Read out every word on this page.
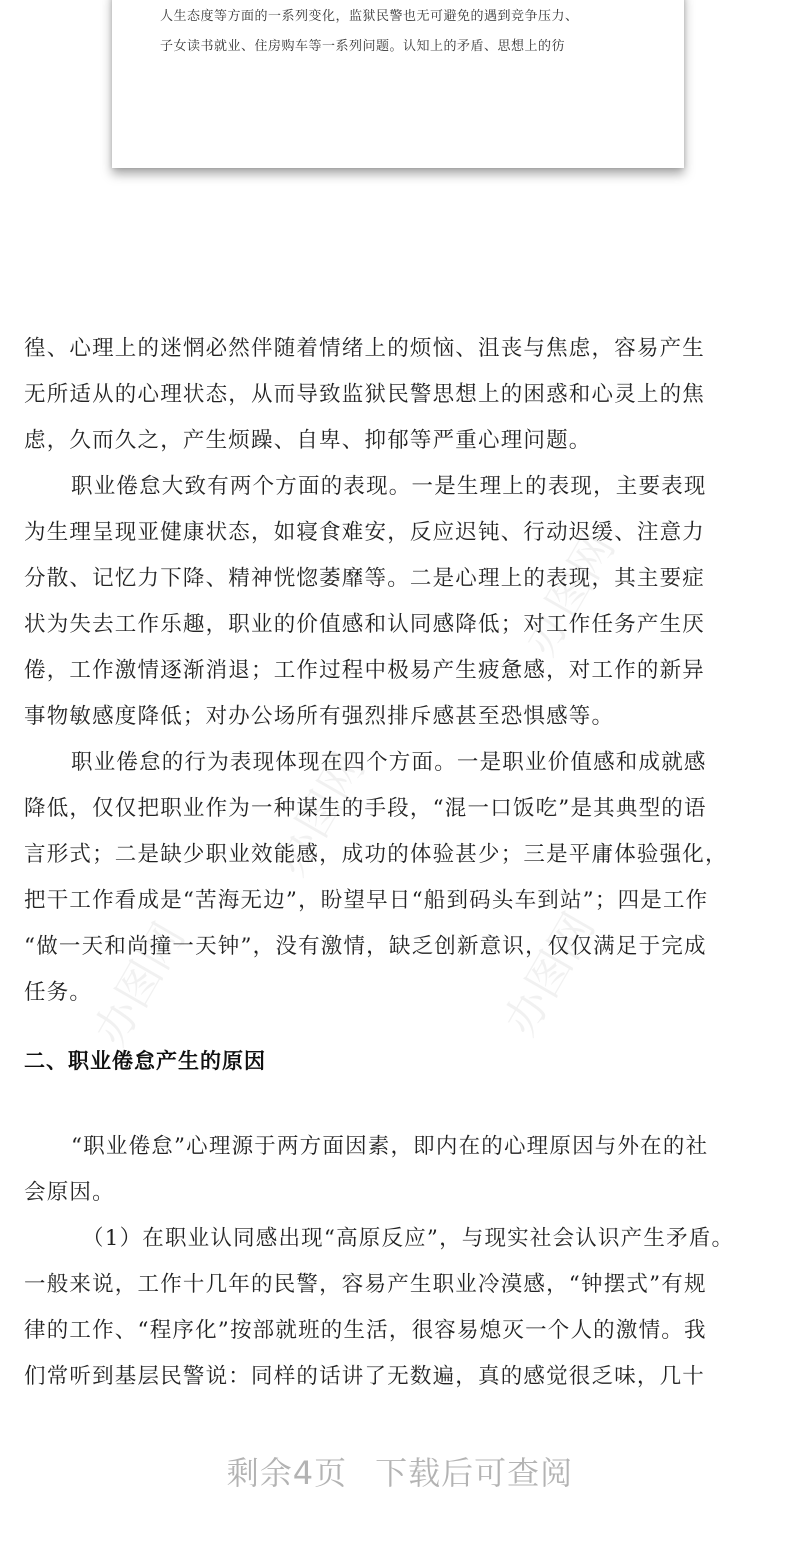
人生态度等方面的一系列变化，监狱民警也无可避免的遇到竞争压力、
子女读书就业、住房购车等一系列问题。认知上的矛盾、思想上的彷
办图网
办图网
办图网	办图网
徨、心理上的迷惘必然伴随着情绪上的烦恼、沮丧与焦虑，容易产生
无所适从的心理状态，从而导致监狱民警思想上的困惑和心灵上的焦
虑，久而久之，产生烦躁、自卑、抑郁等严重心理问题。
职业倦怠大致有两个方面的表现。一是生理上的表现，主要表现
为生理呈现亚健康状态，如寝食难安，反应迟钝、行动迟缓、注意力
分散、记忆力下降、精神恍惚萎靡等。二是心理上的表现，其主要症
状为失去工作乐趣，职业的价值感和认同感降低；对工作任务产生厌
倦，工作激情逐渐消退；工作过程中极易产生疲惫感，对工作的新异
事物敏感度降低；对办公场所有强烈排斥感甚至恐惧感等。
职业倦怠的行为表现体现在四个方面。一是职业价值感和成就感
降低，仅仅把职业作为一种谋生的手段，“混一口饭吃”是其典型的语
言形式；二是缺少职业效能感，成功的体验甚少；三是平庸体验强化，
把干工作看成是“苦海无边”，盼望早日“船到码头车到站”；四是工作
“做一天和尚撞一天钟”，没有激情，缺乏创新意识，仅仅满足于完成
任务。
二、职业倦怠产生的原因
“职业倦怠”心理源于两方面因素，即内在的心理原因与外在的社
会原因。
（1）在职业认同感出现“高原反应”，与现实社会认识产生矛盾。
一般来说，工作十几年的民警，容易产生职业冷漠感，“钟摆式”有规
律的工作、“程序化”按部就班的生活，很容易熄灭一个人的激情。我
们常听到基层民警说：同样的话讲了无数遍，真的感觉很乏味，几十
剩余4页 下载后可查阅
